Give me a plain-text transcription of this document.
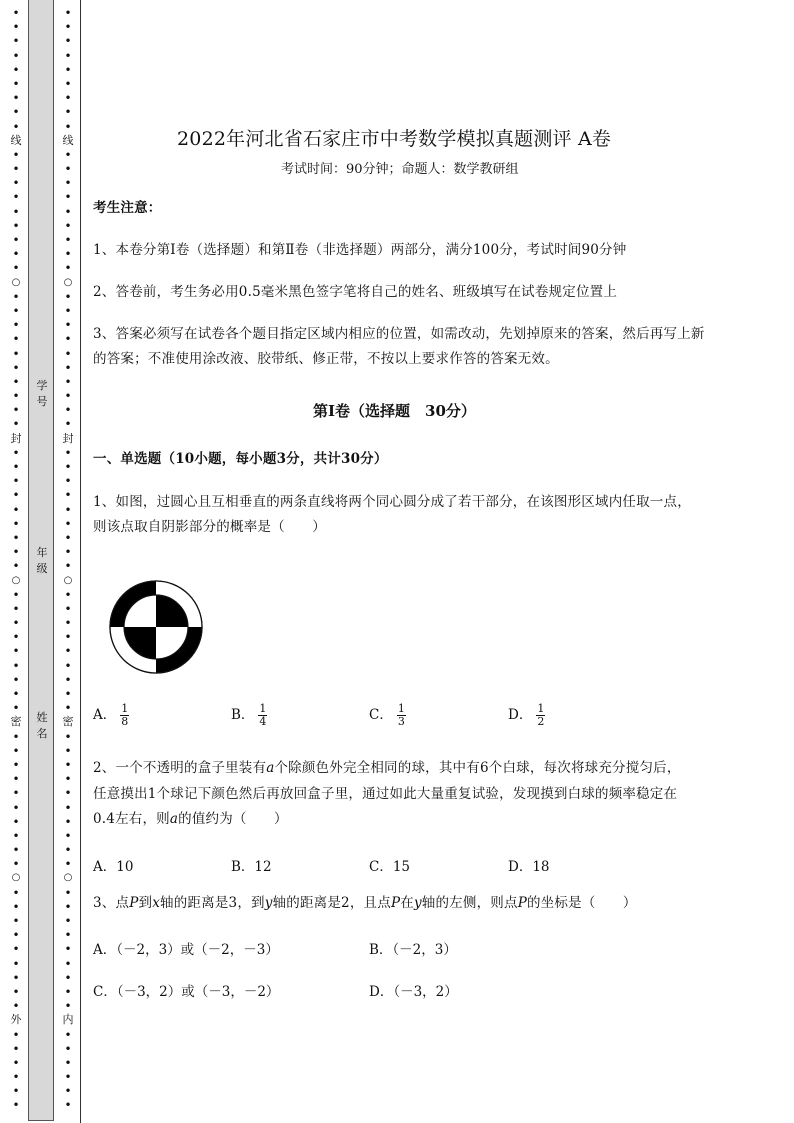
•
•
•
•
•
•
•
•
•
线
•
•
•
•
•
•
•
•
•
○
•
•
•
•
•
•
•
•
•
•
封
•
•
•
•
•
•
•
•
•
○
•
•
•
•
•
•
•
•
•
密
•
•
•
•
•
•
•
•
•
•
○
•
•
•
•
•
•
•
•
•
外
•
•
•
•
•
•
学号
年级
姓名
•
•
•
•
•
•
•
•
•
线
•
•
•
•
•
•
•
•
•
○
•
•
•
•
•
•
•
•
•
•
封
•
•
•
•
•
•
•
•
•
○
•
•
•
•
•
•
•
•
•
密
•
•
•
•
•
•
•
•
•
•
○
•
•
•
•
•
•
•
•
•
内
•
•
•
•
•
•
2022年河北省石家庄市中考数学模拟真题测评 A卷
考试时间：90分钟；命题人：数学教研组
考生注意：
1、本卷分第Ⅰ卷（选择题）和第Ⅱ卷（非选择题）两部分，满分100分，考试时间90分钟
2、答卷前，考生务必用0.5毫米黑色签字笔将自己的姓名、班级填写在试卷规定位置上
3、答案必须写在试卷各个题目指定区域内相应的位置，如需改动，先划掉原来的答案，然后再写上新
的答案；不准使用涂改液、胶带纸、修正带，不按以上要求作答的答案无效。
第Ⅰ卷（选择题　30分）
一、单选题（10小题，每小题3分，共计30分）
1、如图，过圆心且互相垂直的两条直线将两个同心圆分成了若干部分，在该图形区域内任取一点，
则该点取自阴影部分的概率是（　　）
A． $\frac{1}{8}$	B． $\frac{1}{4}$	C． $\frac{1}{3}$	D． $\frac{1}{2}$
2、一个不透明的盒子里装有a个除颜色外完全相同的球，其中有6个白球，每次将球充分搅匀后，
任意摸出1个球记下颜色然后再放回盒子里，通过如此大量重复试验，发现摸到白球的频率稳定在
0.4左右，则a的值约为（　　）
A．10	B．12	C．15	D．18
3、点P到x轴的距离是3，到y轴的距离是2，且点P在y轴的左侧，则点P的坐标是（　　）
A．（－2，3）或（－2，－3）	B．（－2，3）
C．（－3，2）或（－3，－2）	D．（－3，2）
